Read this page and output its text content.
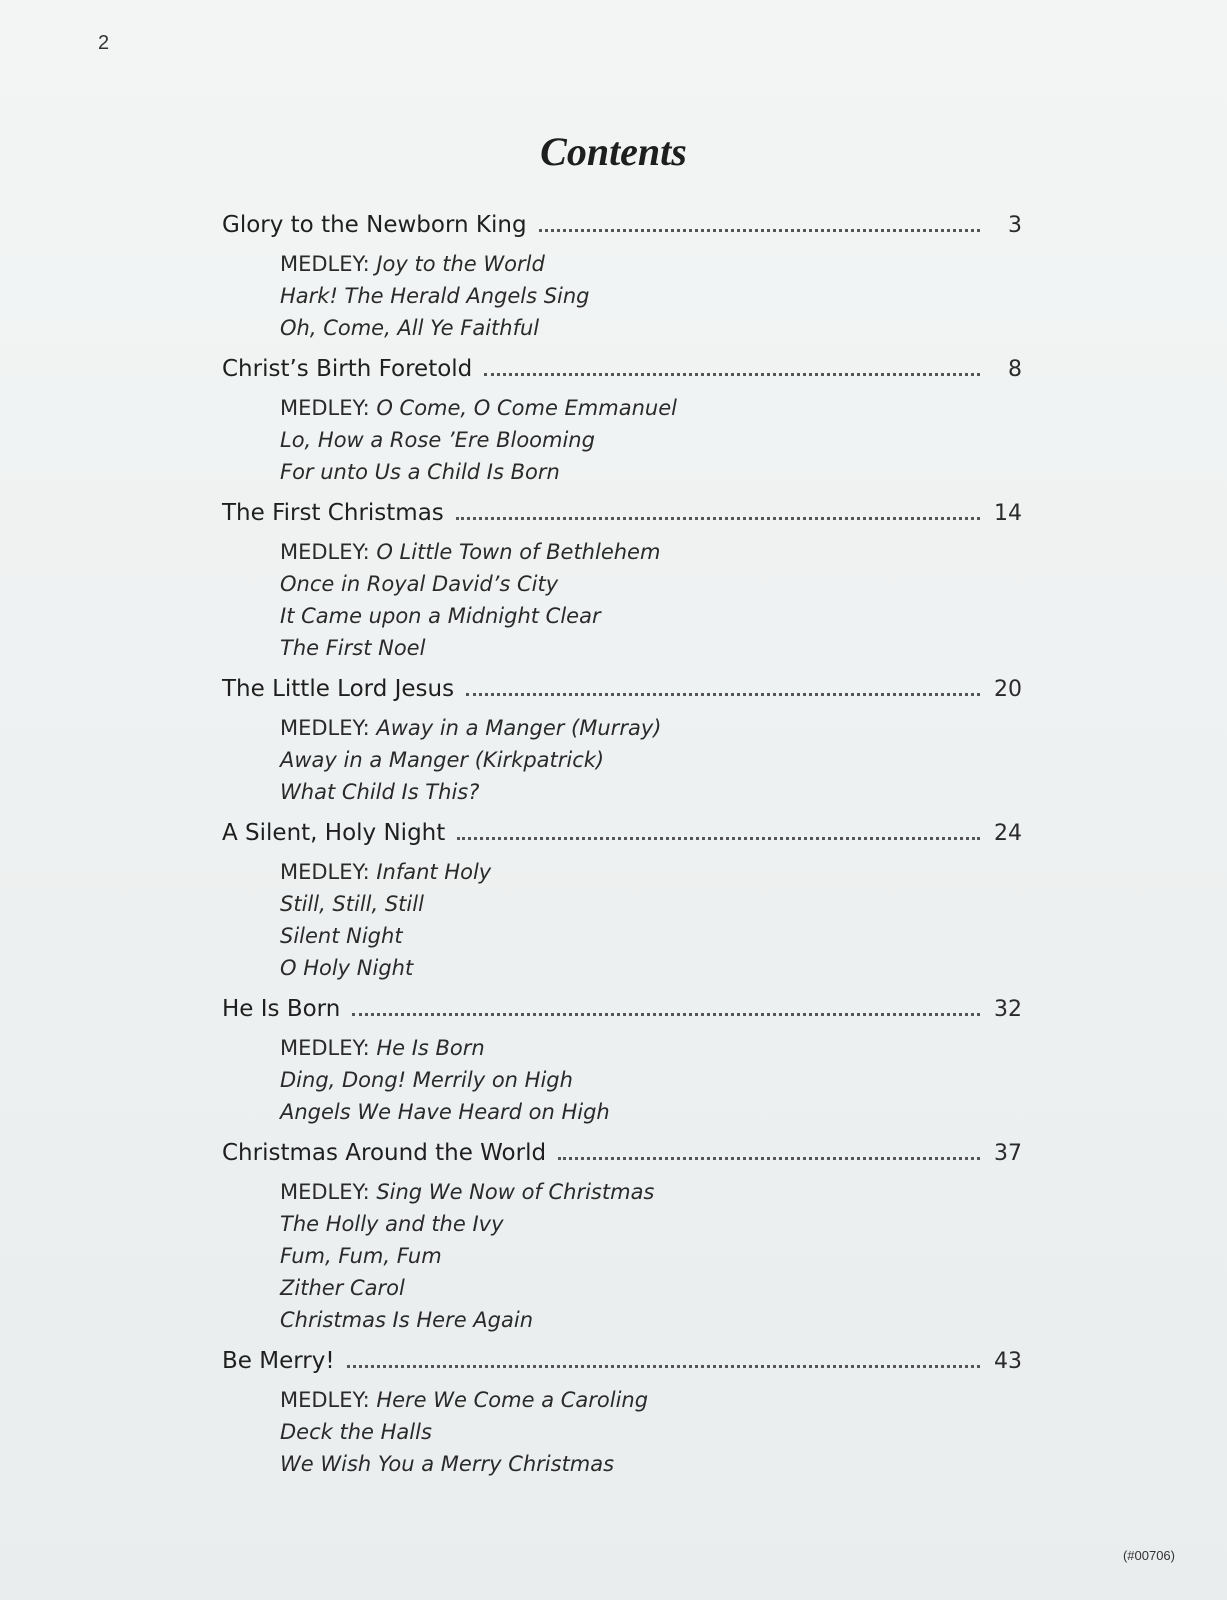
2
Contents
Glory to the Newborn King	3
MEDLEY: Joy to the World
Hark! The Herald Angels Sing
Oh, Come, All Ye Faithful
Christ’s Birth Foretold	8
MEDLEY: O Come, O Come Emmanuel
Lo, How a Rose ’Ere Blooming
For unto Us a Child Is Born
The First Christmas	14
MEDLEY: O Little Town of Bethlehem
Once in Royal David’s City
It Came upon a Midnight Clear
The First Noel
The Little Lord Jesus	20
MEDLEY: Away in a Manger (Murray)
Away in a Manger (Kirkpatrick)
What Child Is This?
A Silent, Holy Night	24
MEDLEY: Infant Holy
Still, Still, Still
Silent Night
O Holy Night
He Is Born	32
MEDLEY: He Is Born
Ding, Dong! Merrily on High
Angels We Have Heard on High
Christmas Around the World	37
MEDLEY: Sing We Now of Christmas
The Holly and the Ivy
Fum, Fum, Fum
Zither Carol
Christmas Is Here Again
Be Merry!	43
MEDLEY: Here We Come a Caroling
Deck the Halls
We Wish You a Merry Christmas
(#00706)
